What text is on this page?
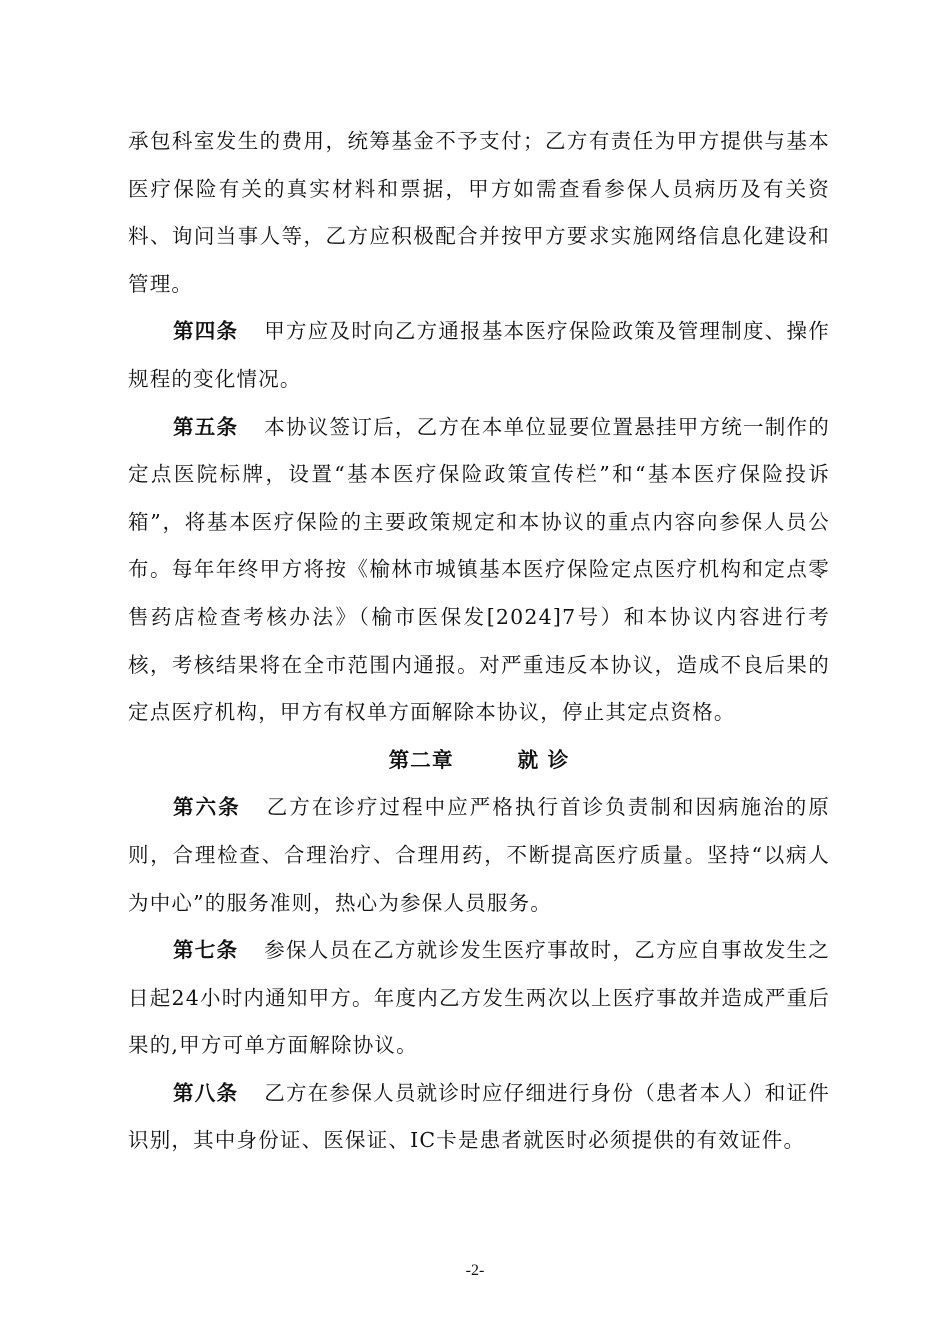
承包科室发生的费用，统筹基金不予支付；乙方有责任为甲方提供与基本医疗保险有关的真实材料和票据，甲方如需查看参保人员病历及有关资料、询问当事人等，乙方应积极配合并按甲方要求实施网络信息化建设和管理。

第四条 甲方应及时向乙方通报基本医疗保险政策及管理制度、操作规程的变化情况。

第五条 本协议签订后，乙方在本单位显要位置悬挂甲方统一制作的定点医院标牌，设置“基本医疗保险政策宣传栏”和“基本医疗保险投诉箱”，将基本医疗保险的主要政策规定和本协议的重点内容向参保人员公布。每年年终甲方将按《榆林市城镇基本医疗保险定点医疗机构和定点零售药店检查考核办法》（榆市医保发[2024]7号）和本协议内容进行考核，考核结果将在全市范围内通报。对严重违反本协议，造成不良后果的定点医疗机构，甲方有权单方面解除本协议，停止其定点资格。

第二章	就 诊

第六条 乙方在诊疗过程中应严格执行首诊负责制和因病施治的原则，合理检查、合理治疗、合理用药，不断提高医疗质量。坚持“以病人为中心”的服务准则，热心为参保人员服务。

第七条 参保人员在乙方就诊发生医疗事故时，乙方应自事故发生之日起24小时内通知甲方。年度内乙方发生两次以上医疗事故并造成严重后果的,甲方可单方面解除协议。

第八条 乙方在参保人员就诊时应仔细进行身份（患者本人）和证件识别，其中身份证、医保证、IC卡是患者就医时必须提供的有效证件。

-2-
